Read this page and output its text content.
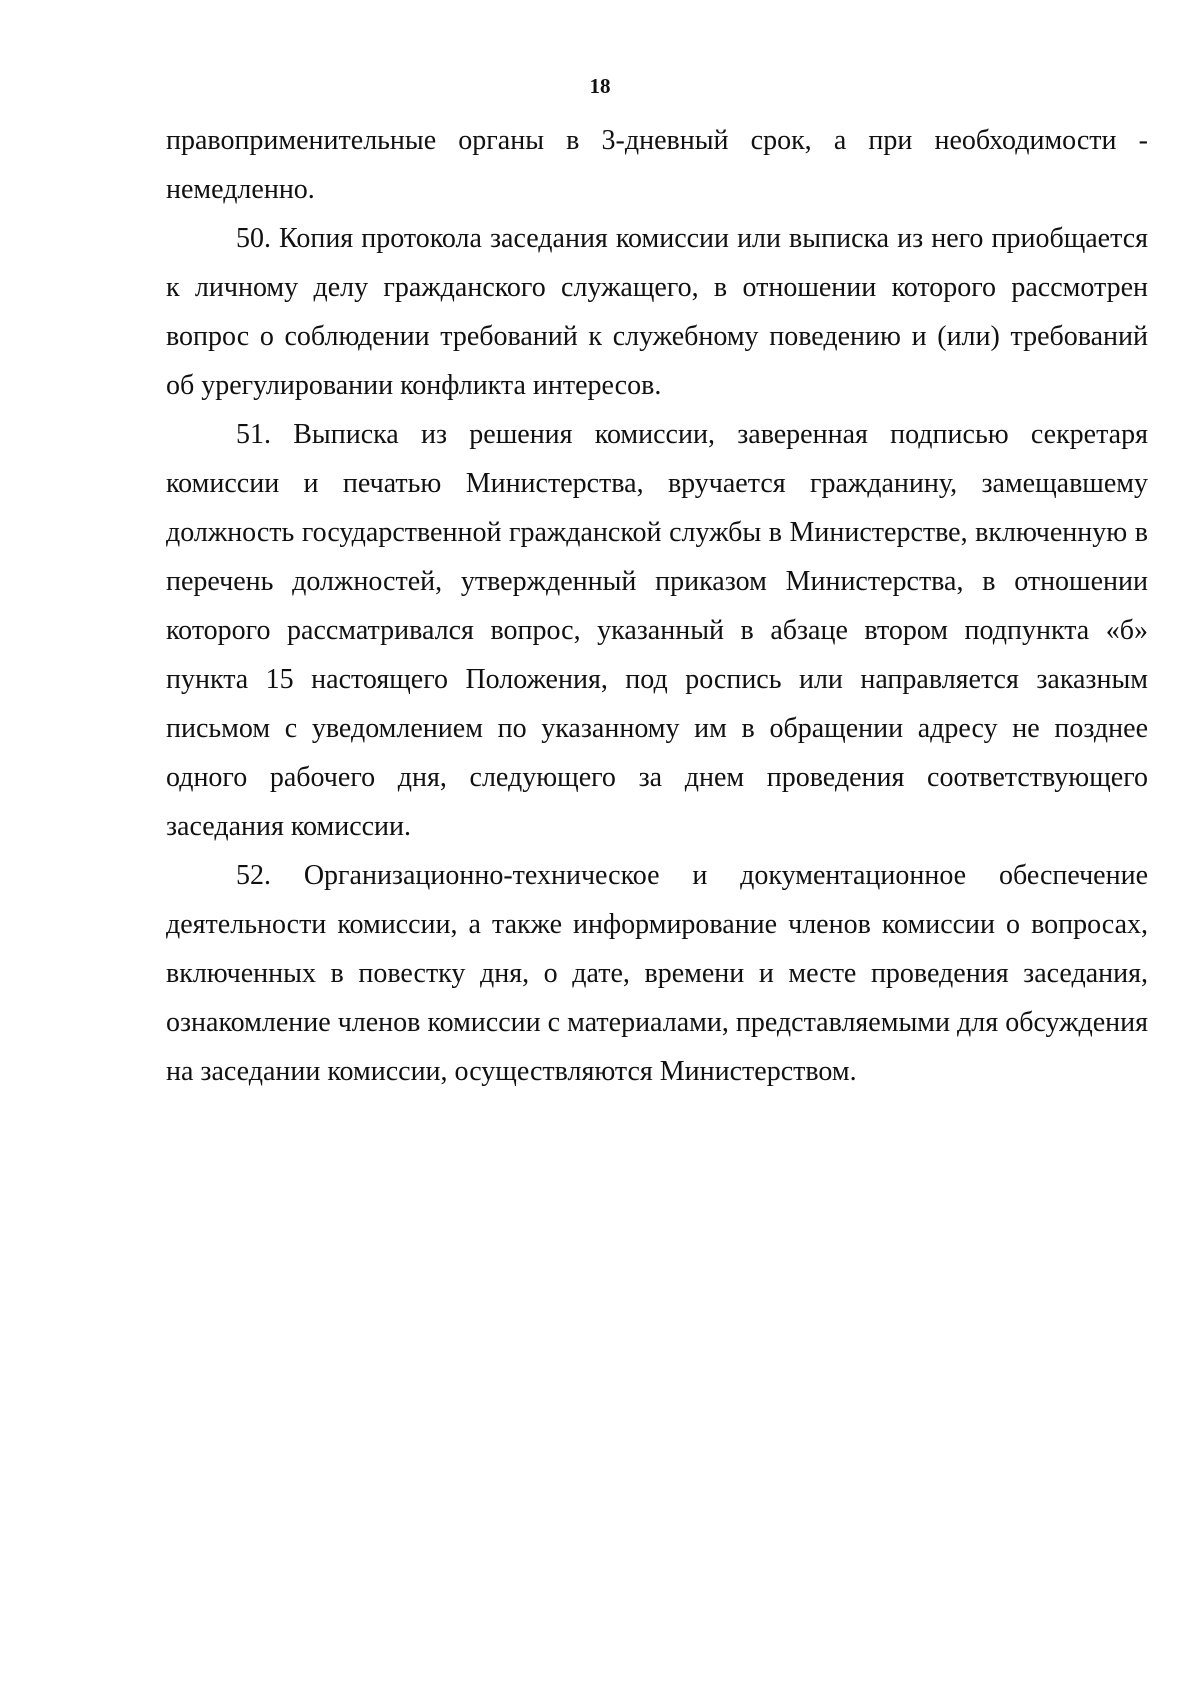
18

правоприменительные органы в 3-дневный срок, а при необходимости - немедленно.

50. Копия протокола заседания комиссии или выписка из него приобщается к личному делу гражданского служащего, в отношении которого рассмотрен вопрос о соблюдении требований к служебному поведению и (или) требований об урегулировании конфликта интересов.

51. Выписка из решения комиссии, заверенная подписью секретаря комиссии и печатью Министерства, вручается гражданину, замещавшему должность государственной гражданской службы в Министерстве, включенную в перечень должностей, утвержденный приказом Министерства, в отношении которого рассматривался вопрос, указанный в абзаце втором подпункта «б» пункта 15 настоящего Положения, под роспись или направляется заказным письмом с уведомлением по указанному им в обращении адресу не позднее одного рабочего дня, следующего за днем проведения соответствующего заседания комиссии.

52. Организационно-техническое и документационное обеспечение деятельности комиссии, а также информирование членов комиссии о вопросах, включенных в повестку дня, о дате, времени и месте проведения заседания, ознакомление членов комиссии с материалами, представляемыми для обсуждения на заседании комиссии, осуществляются Министерством.
